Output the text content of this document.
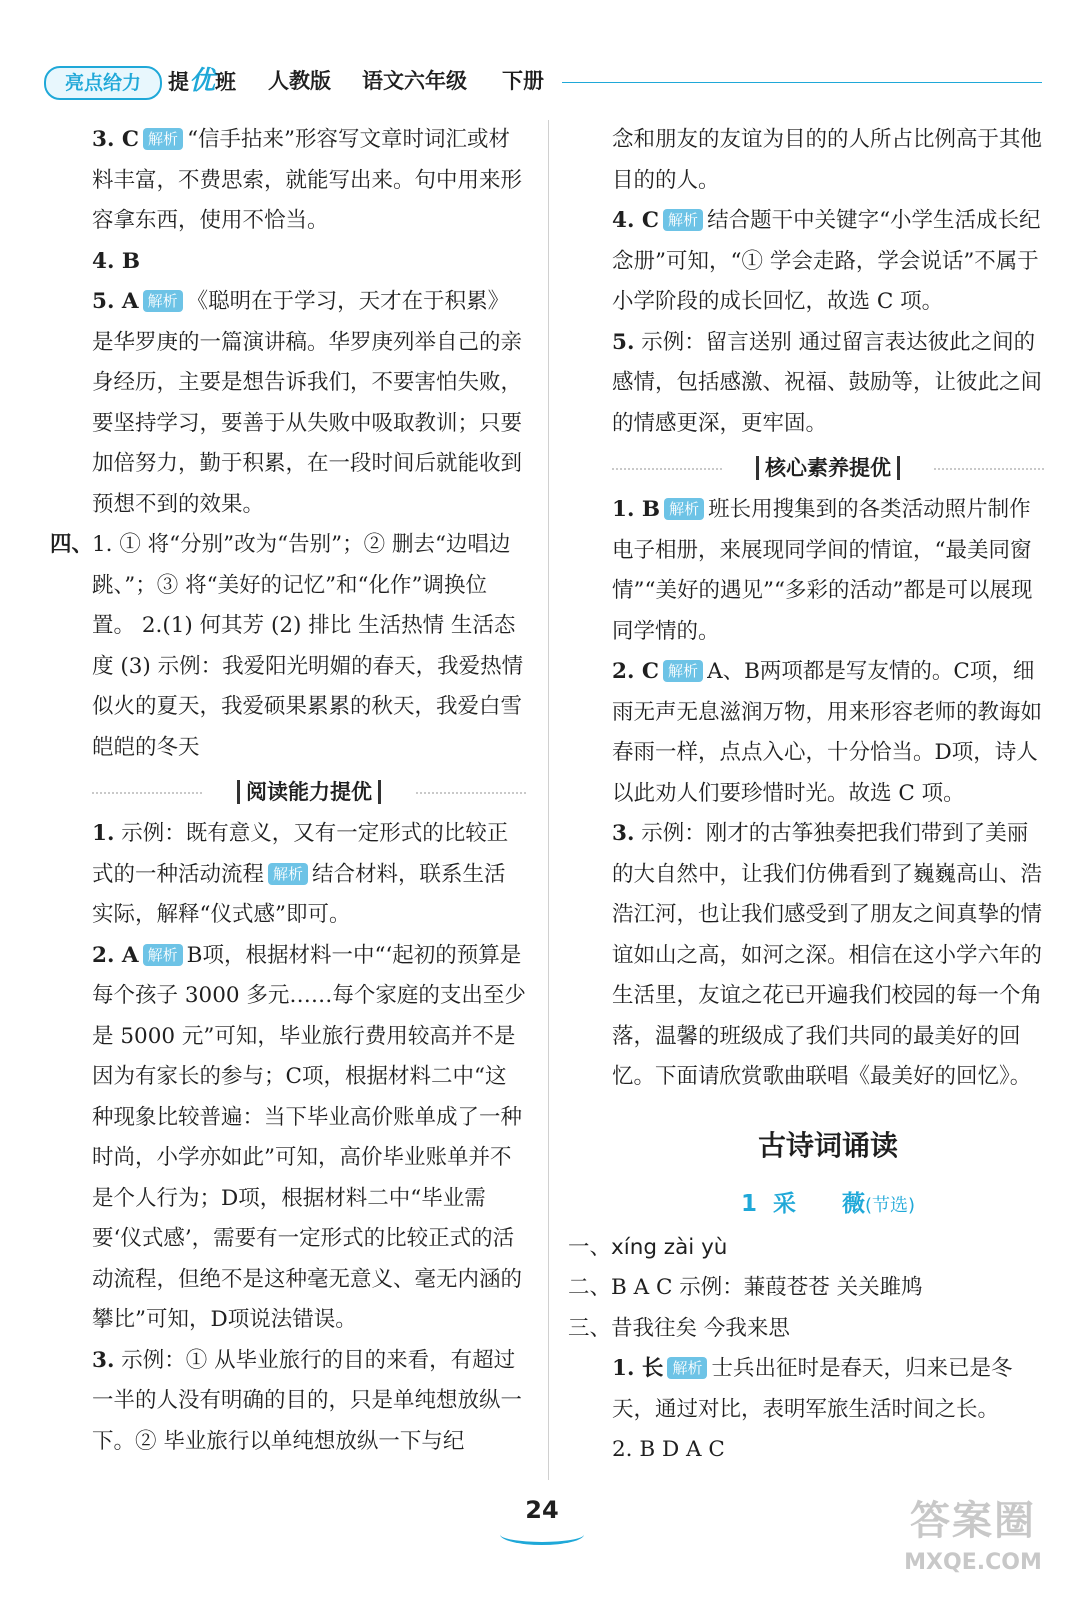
亮点给力	提优班 人教版 语文六年级 下册

3. C 解析 “信手拈来”形容写文章时词汇或材料丰富，不费思索，就能写出来。句中用来形容拿东西，使用不恰当。

4. B

5. A 解析 《聪明在于学习，天才在于积累》是华罗庚的一篇演讲稿。华罗庚列举自己的亲身经历，主要是想告诉我们，不要害怕失败，要坚持学习，要善于从失败中吸取教训；只要加倍努力，勤于积累，在一段时间后就能收到预想不到的效果。

四、
1. ① 将“分别”改为“告别”；② 删去“边唱边跳、”；③ 将“美好的记忆”和“化作”调换位置。 2.(1) 何其芳 (2) 排比 生活热情 生活态度 (3) 示例：我爱阳光明媚的春天，我爱热情似火的夏天，我爱硕果累累的秋天，我爱白雪皑皑的冬天

阅读能力提优

1. 示例：既有意义，又有一定形式的比较正式的一种活动流程 解析 结合材料，联系生活实际，解释“仪式感”即可。

2. A 解析 B项，根据材料一中“‘起初的预算是每个孩子 3000 多元……每个家庭的支出至少是 5000 元”可知，毕业旅行费用较高并不是因为有家长的参与；C项，根据材料二中“这种现象比较普遍：当下毕业高价账单成了一种时尚，小学亦如此”可知，高价毕业账单并不是个人行为；D项，根据材料二中“毕业需要‘仪式感’，需要有一定形式的比较正式的活动流程，但绝不是这种毫无意义、毫无内涵的攀比”可知，D项说法错误。

3. 示例：① 从毕业旅行的目的来看，有超过一半的人没有明确的目的，只是单纯想放纵一下。② 毕业旅行以单纯想放纵一下与纪

念和朋友的友谊为目的的人所占比例高于其他目的的人。

4. C 解析 结合题干中关键字“小学生活成长纪念册”可知，“① 学会走路，学会说话”不属于小学阶段的成长回忆，故选 C 项。

5. 示例：留言送别 通过留言表达彼此之间的感情，包括感激、祝福、鼓励等，让彼此之间的情感更深，更牢固。

核心素养提优

1. B 解析 班长用搜集到的各类活动照片制作电子相册，来展现同学间的情谊，“最美同窗情”“美好的遇见”“多彩的活动”都是可以展现同学情的。

2. C 解析 A、B两项都是写友情的。C项，细雨无声无息滋润万物，用来形容老师的教诲如春雨一样，点点入心，十分恰当。D项，诗人以此劝人们要珍惜时光。故选 C 项。

3. 示例：刚才的古筝独奏把我们带到了美丽的大自然中，让我们仿佛看到了巍巍高山、浩浩江河，也让我们感受到了朋友之间真挚的情谊如山之高，如河之深。相信在这小学六年的生活里，友谊之花已开遍我们校园的每一个角落，温馨的班级成了我们共同的最美好的回忆。下面请欣赏歌曲联唱《最美好的回忆》。

古诗词诵读
1 采　　薇(节选)

一、xíng zài yù

二、B A C 示例：蒹葭苍苍 关关雎鸠

三、昔我往矣 今我来思

1. 长 解析 士兵出征时是春天，归来已是冬天，通过对比，表明军旅生活时间之长。

2. B D A C

24	答案圈
MXQE.COM
